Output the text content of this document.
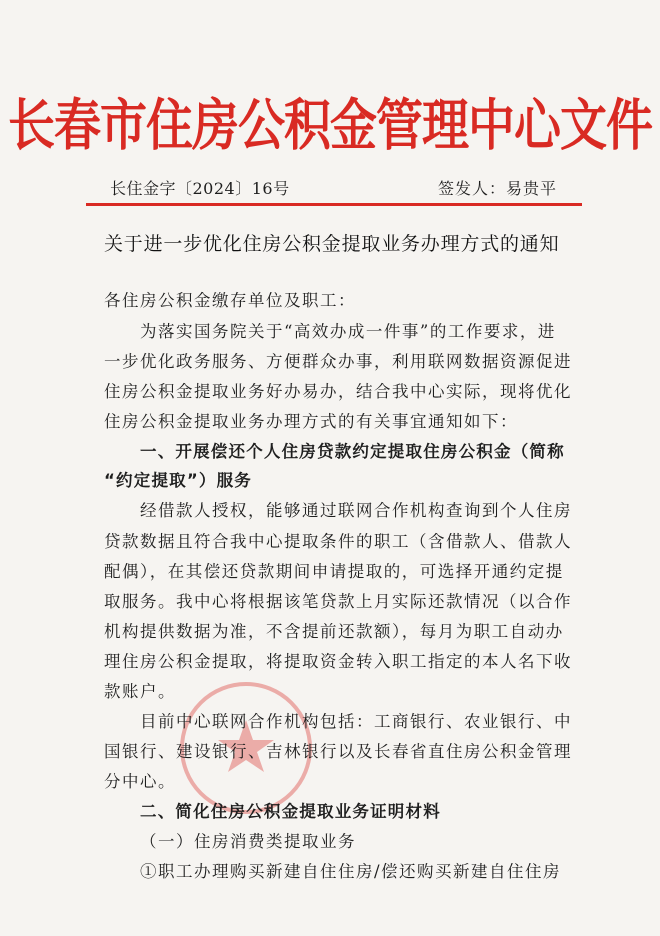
长春市住房公积金管理中心文件
长住金字〔2024〕16号	签发人：易贵平
关于进一步优化住房公积金提取业务办理方式的通知
各住房公积金缴存单位及职工：
为落实国务院关于“高效办成一件事”的工作要求，进
一步优化政务服务、方便群众办事，利用联网数据资源促进
住房公积金提取业务好办易办，结合我中心实际，现将优化
住房公积金提取业务办理方式的有关事宜通知如下：
一、开展偿还个人住房贷款约定提取住房公积金（简称
“约定提取”）服务
经借款人授权，能够通过联网合作机构查询到个人住房
贷款数据且符合我中心提取条件的职工（含借款人、借款人
配偶），在其偿还贷款期间申请提取的，可选择开通约定提
取服务。我中心将根据该笔贷款上月实际还款情况（以合作
机构提供数据为准，不含提前还款额），每月为职工自动办
理住房公积金提取，将提取资金转入职工指定的本人名下收
款账户。
目前中心联网合作机构包括：工商银行、农业银行、中
国银行、建设银行、吉林银行以及长春省直住房公积金管理
分中心。
二、简化住房公积金提取业务证明材料
（一）住房消费类提取业务
①职工办理购买新建自住住房/偿还购买新建自住住房
